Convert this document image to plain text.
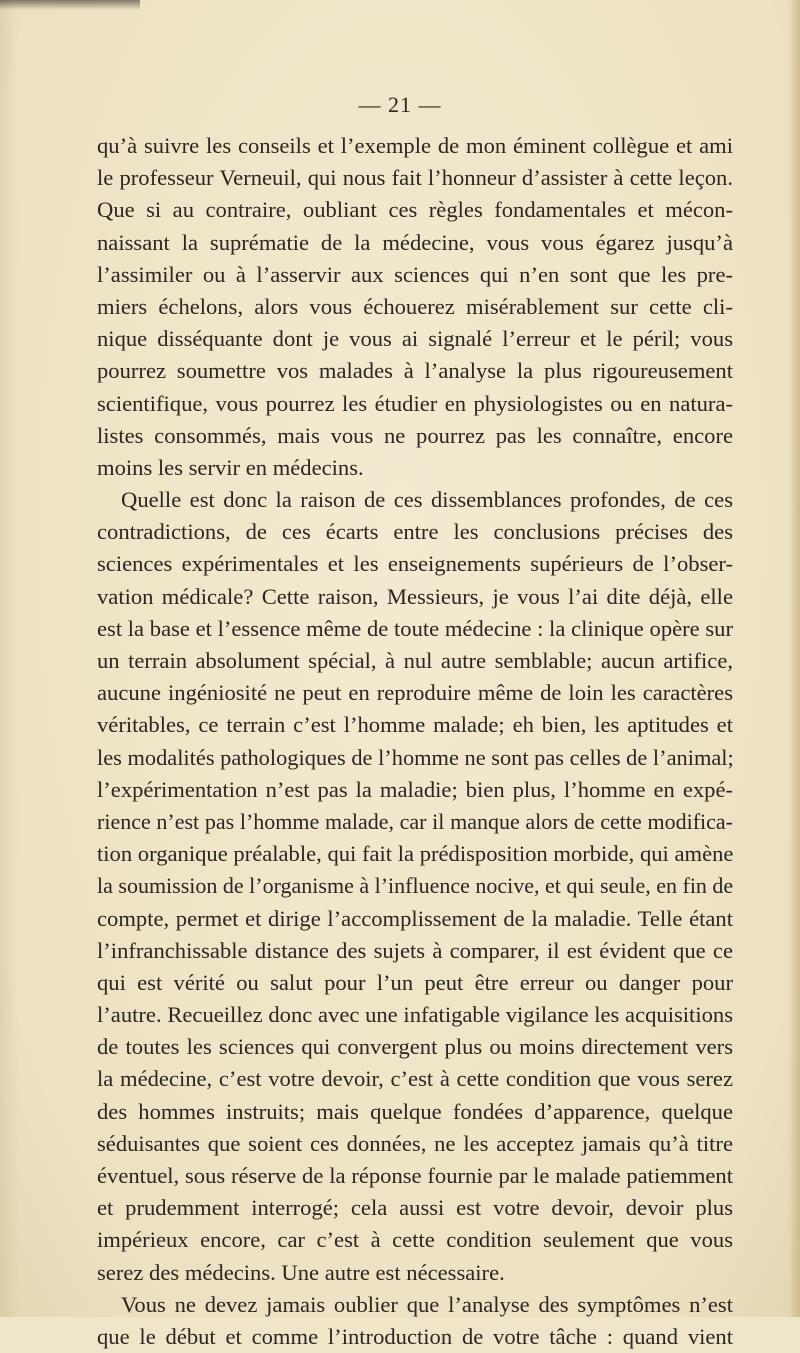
— 21 —
qu’à suivre les conseils et l’exemple de mon éminent collègue et ami
le professeur Verneuil, qui nous fait l’honneur d’assister à cette leçon.
Que si au contraire, oubliant ces règles fondamentales et mécon-
naissant la suprématie de la médecine, vous vous égarez jusqu’à
l’assimiler ou à l’asservir aux sciences qui n’en sont que les pre-
miers échelons, alors vous échouerez misérablement sur cette cli-
nique disséquante dont je vous ai signalé l’erreur et le péril; vous
pourrez soumettre vos malades à l’analyse la plus rigoureusement
scientifique, vous pourrez les étudier en physiologistes ou en natura-
listes consommés, mais vous ne pourrez pas les connaître, encore
moins les servir en médecins.
Quelle est donc la raison de ces dissemblances profondes, de ces
contradictions, de ces écarts entre les conclusions précises des
sciences expérimentales et les enseignements supérieurs de l’obser-
vation médicale? Cette raison, Messieurs, je vous l’ai dite déjà, elle
est la base et l’essence même de toute médecine : la clinique opère sur
un terrain absolument spécial, à nul autre semblable; aucun artifice,
aucune ingéniosité ne peut en reproduire même de loin les caractères
véritables, ce terrain c’est l’homme malade; eh bien, les aptitudes et
les modalités pathologiques de l’homme ne sont pas celles de l’animal;
l’expérimentation n’est pas la maladie; bien plus, l’homme en expé-
rience n’est pas l’homme malade, car il manque alors de cette modifica-
tion organique préalable, qui fait la prédisposition morbide, qui amène
la soumission de l’organisme à l’influence nocive, et qui seule, en fin de
compte, permet et dirige l’accomplissement de la maladie. Telle étant
l’infranchissable distance des sujets à comparer, il est évident que ce
qui est vérité ou salut pour l’un peut être erreur ou danger pour
l’autre. Recueillez donc avec une infatigable vigilance les acquisitions
de toutes les sciences qui convergent plus ou moins directement vers
la médecine, c’est votre devoir, c’est à cette condition que vous serez
des hommes instruits; mais quelque fondées d’apparence, quelque
séduisantes que soient ces données, ne les acceptez jamais qu’à titre
éventuel, sous réserve de la réponse fournie par le malade patiemment
et prudemment interrogé; cela aussi est votre devoir, devoir plus
impérieux encore, car c’est à cette condition seulement que vous
serez des médecins. Une autre est nécessaire.
Vous ne devez jamais oublier que l’analyse des symptômes n’est
que le début et comme l’introduction de votre tâche : quand vient
